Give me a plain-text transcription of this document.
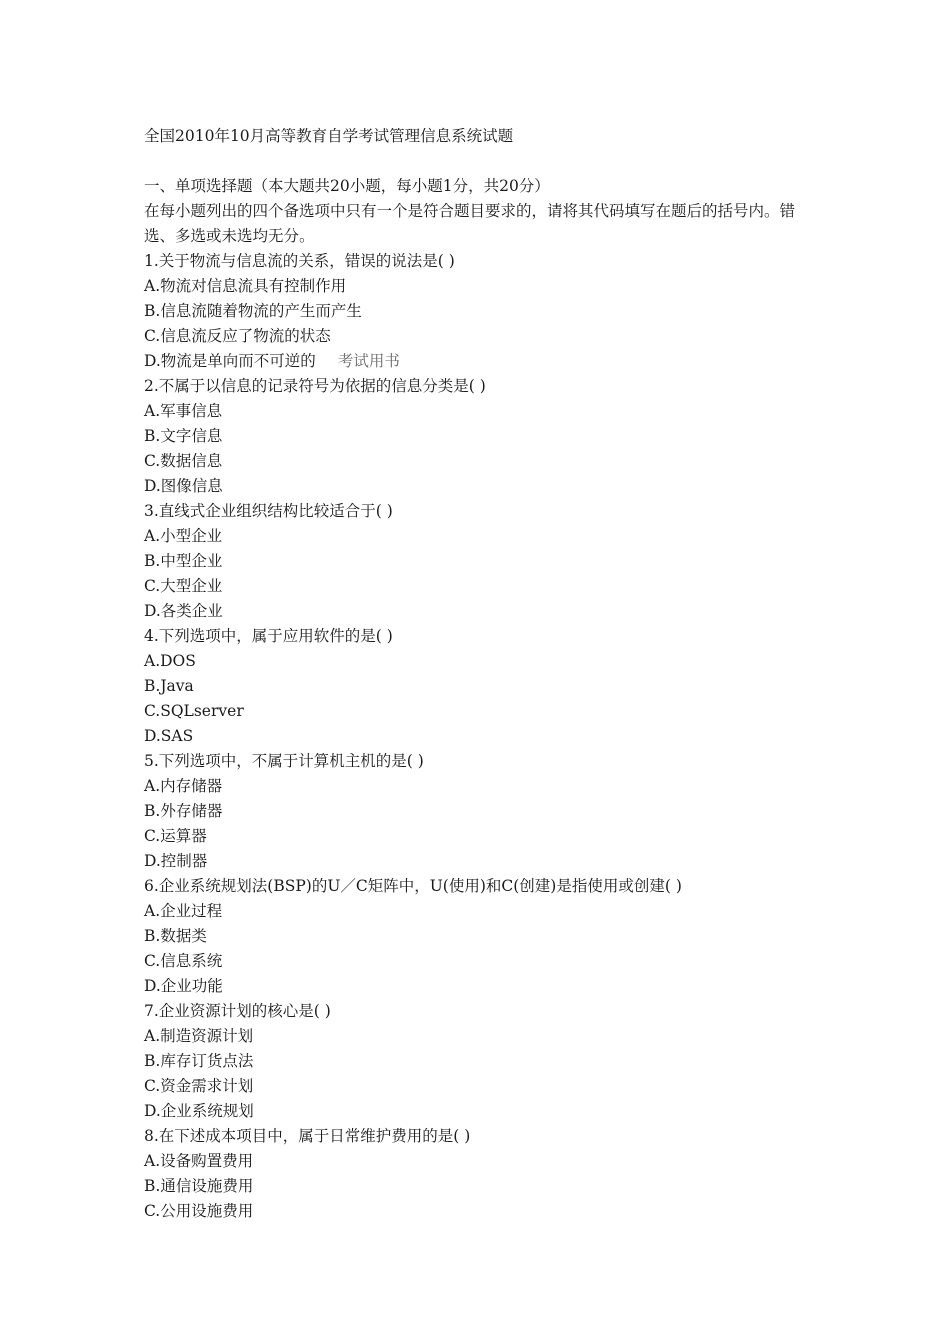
全国2010年10月高等教育自学考试管理信息系统试题
一、单项选择题（本大题共20小题，每小题1分，共20分）
在每小题列出的四个备选项中只有一个是符合题目要求的，请将其代码填写在题后的括号内。错选、多选或未选均无分。
1.关于物流与信息流的关系，错误的说法是( )
A.物流对信息流具有控制作用
B.信息流随着物流的产生而产生
C.信息流反应了物流的状态
D.物流是单向而不可逆的 考试用书
2.不属于以信息的记录符号为依据的信息分类是( )
A.军事信息
B.文字信息
C.数据信息
D.图像信息
3.直线式企业组织结构比较适合于( )
A.小型企业
B.中型企业
C.大型企业
D.各类企业
4.下列选项中，属于应用软件的是( )
A.DOS
B.Java
C.SQLserver
D.SAS
5.下列选项中，不属于计算机主机的是( )
A.内存储器
B.外存储器
C.运算器
D.控制器
6.企业系统规划法(BSP)的U／C矩阵中，U(使用)和C(创建)是指使用或创建( )
A.企业过程
B.数据类
C.信息系统
D.企业功能
7.企业资源计划的核心是( )
A.制造资源计划
B.库存订货点法
C.资金需求计划
D.企业系统规划
8.在下述成本项目中，属于日常维护费用的是( )
A.设备购置费用
B.通信设施费用
C.公用设施费用
